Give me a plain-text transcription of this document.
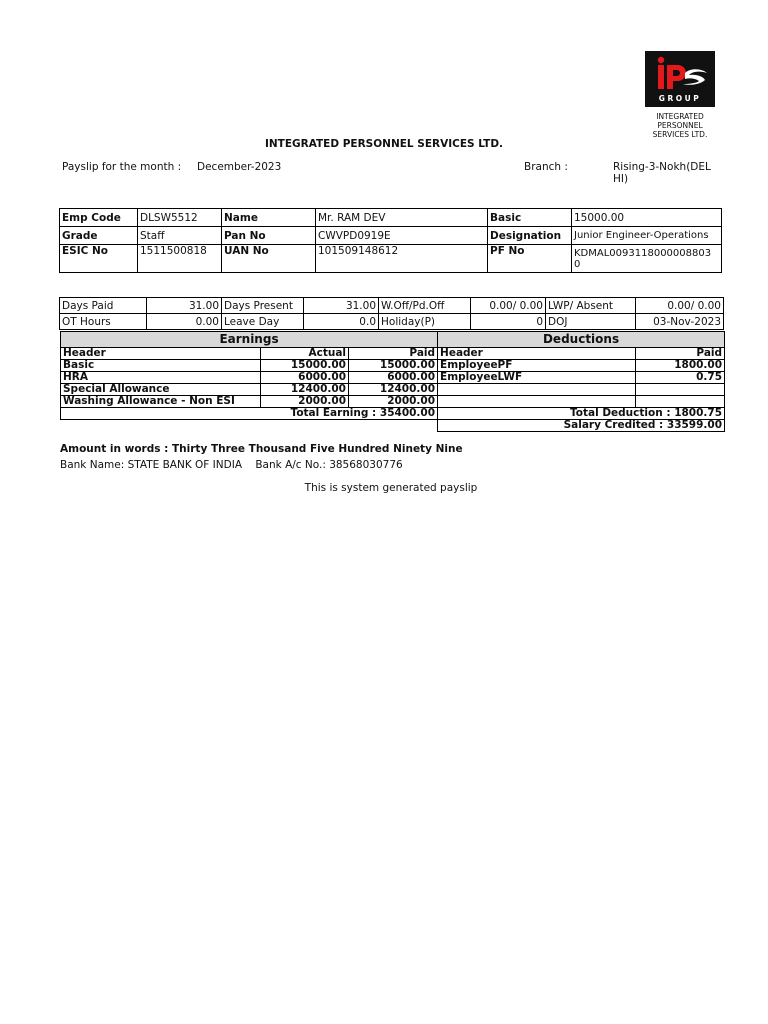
GROUP
INTEGRATED
PERSONNEL
SERVICES LTD.
INTEGRATED PERSONNEL SERVICES LTD.
Payslip for the month : December-2023	Branch :	Rising-3-Nokh(DEL
HI)
Emp Code	DLSW5512	Name	Mr. RAM DEV	Basic	15000.00
Grade	Staff	Pan No	CWVPD0919E	Designation	Junior Engineer-Operations
ESIC No	1511500818	UAN No	101509148612	PF No	KDMAL0093118000008803 0
Days Paid	31.00	Days Present	31.00	W.Off/Pd.Off	0.00/ 0.00	LWP/ Absent	0.00/ 0.00
OT Hours	0.00	Leave Day	0.0	Holiday(P)	0	DOJ	03-Nov-2023
Earnings			Deductions	
Header	Actual	Paid	Header	Paid
Basic	15000.00	15000.00	EmployeePF	1800.00
HRA	6000.00	6000.00	EmployeeLWF	0.75
Special Allowance	12400.00	12400.00		
Washing Allowance - Non ESI	2000.00	2000.00		
Total Earning : 35400.00			Total Deduction : 1800.75	
			Salary Credited : 33599.00	
Amount in words : Thirty Three Thousand Five Hundred Ninety Nine
Bank Name: STATE BANK OF INDIA    Bank A/c No.: 38568030776
This is system generated payslip
